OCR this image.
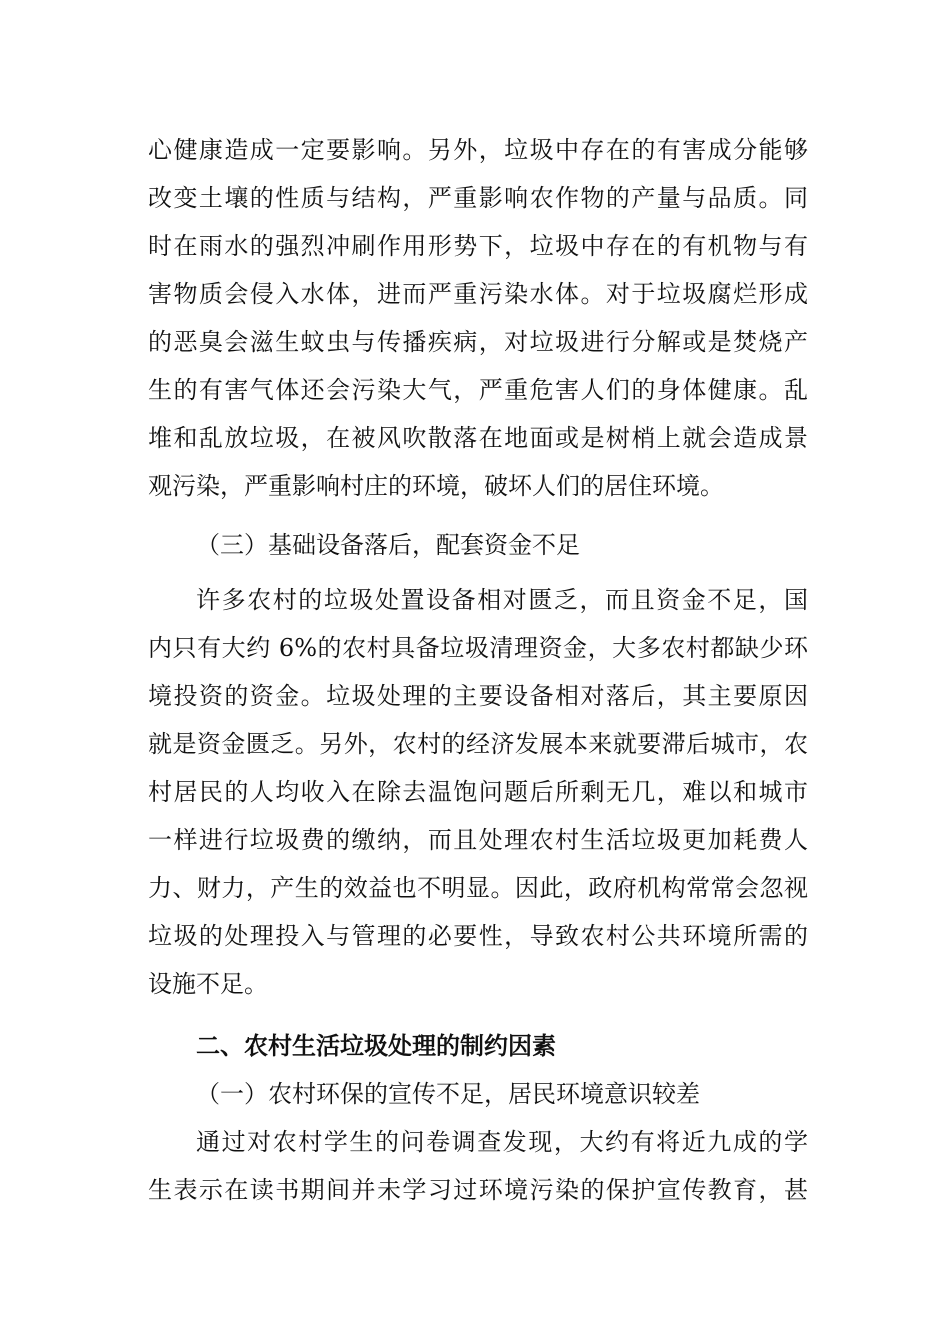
心健康造成一定要影响。另外，垃圾中存在的有害成分能够
改变土壤的性质与结构，严重影响农作物的产量与品质。同
时在雨水的强烈冲刷作用形势下，垃圾中存在的有机物与有
害物质会侵入水体，进而严重污染水体。对于垃圾腐烂形成
的恶臭会滋生蚊虫与传播疾病，对垃圾进行分解或是焚烧产
生的有害气体还会污染大气，严重危害人们的身体健康。乱
堆和乱放垃圾，在被风吹散落在地面或是树梢上就会造成景
观污染，严重影响村庄的环境，破坏人们的居住环境。
（三）基础设备落后，配套资金不足
许多农村的垃圾处置设备相对匮乏，而且资金不足，国
内只有大约 6%的农村具备垃圾清理资金，大多农村都缺少环
境投资的资金。垃圾处理的主要设备相对落后，其主要原因
就是资金匮乏。另外，农村的经济发展本来就要滞后城市，农
村居民的人均收入在除去温饱问题后所剩无几，难以和城市
一样进行垃圾费的缴纳，而且处理农村生活垃圾更加耗费人
力、财力，产生的效益也不明显。因此，政府机构常常会忽视
垃圾的处理投入与管理的必要性，导致农村公共环境所需的
设施不足。
二、农村生活垃圾处理的制约因素
（一）农村环保的宣传不足，居民环境意识较差
通过对农村学生的问卷调查发现，大约有将近九成的学
生表示在读书期间并未学习过环境污染的保护宣传教育，甚
